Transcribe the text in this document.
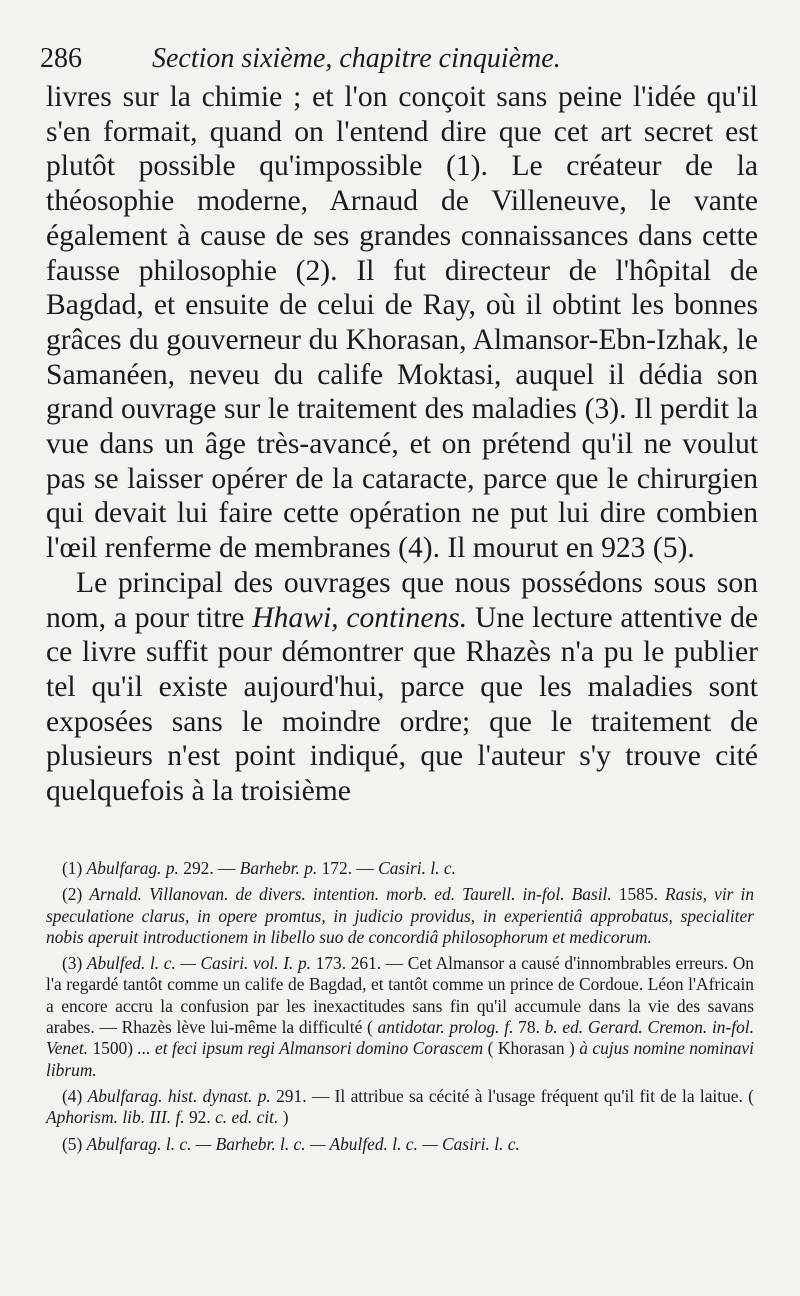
286	Section sixième, chapitre cinquième.

livres sur la chimie ; et l'on conçoit sans peine l'idée qu'il s'en formait, quand on l'entend dire que cet art secret est plutôt possible qu'impossible (1). Le créateur de la théosophie moderne, Arnaud de Villeneuve, le vante également à cause de ses grandes connaissances dans cette fausse philosophie (2). Il fut directeur de l'hôpital de Bagdad, et ensuite de celui de Ray, où il obtint les bonnes grâces du gouverneur du Khorasan, Almansor-Ebn-Izhak, le Samanéen, neveu du calife Moktasi, auquel il dédia son grand ouvrage sur le traitement des maladies (3). Il perdit la vue dans un âge très-avancé, et on prétend qu'il ne voulut pas se laisser opérer de la cataracte, parce que le chirurgien qui devait lui faire cette opération ne put lui dire combien l'œil renferme de membranes (4). Il mourut en 923 (5).

Le principal des ouvrages que nous possédons sous son nom, a pour titre Hhawi, continens. Une lecture attentive de ce livre suffit pour démontrer que Rhazès n'a pu le publier tel qu'il existe aujourd'hui, parce que les maladies sont exposées sans le moindre ordre; que le traitement de plusieurs n'est point indiqué, que l'auteur s'y trouve cité quelquefois à la troisième

(1) Abulfarag. p. 292. — Barhebr. p. 172. — Casiri. l. c.

(2) Arnald. Villanovan. de divers. intention. morb. ed. Taurell. in-fol. Basil. 1585. Rasis, vir in speculatione clarus, in opere promtus, in judicio providus, in experientiâ approbatus, specialiter nobis aperuit introductionem in libello suo de concordiâ philosophorum et medicorum.

(3) Abulfed. l. c. — Casiri. vol. I. p. 173. 261. — Cet Almansor a causé d'innombrables erreurs. On l'a regardé tantôt comme un calife de Bagdad, et tantôt comme un prince de Cordoue. Léon l'Africain a encore accru la confusion par les inexactitudes sans fin qu'il accumule dans la vie des savans arabes. — Rhazès lève lui-même la difficulté ( antidotar. prolog. f. 78. b. ed. Gerard. Cremon. in-fol. Venet. 1500) ... et feci ipsum regi Almansori domino Corascem ( Khorasan ) à cujus nomine nominavi librum.

(4) Abulfarag. hist. dynast. p. 291. — Il attribue sa cécité à l'usage fréquent qu'il fit de la laitue. ( Aphorism. lib. III. f. 92. c. ed. cit. )

(5) Abulfarag. l. c. — Barhebr. l. c. — Abulfed. l. c. — Casiri. l. c.
